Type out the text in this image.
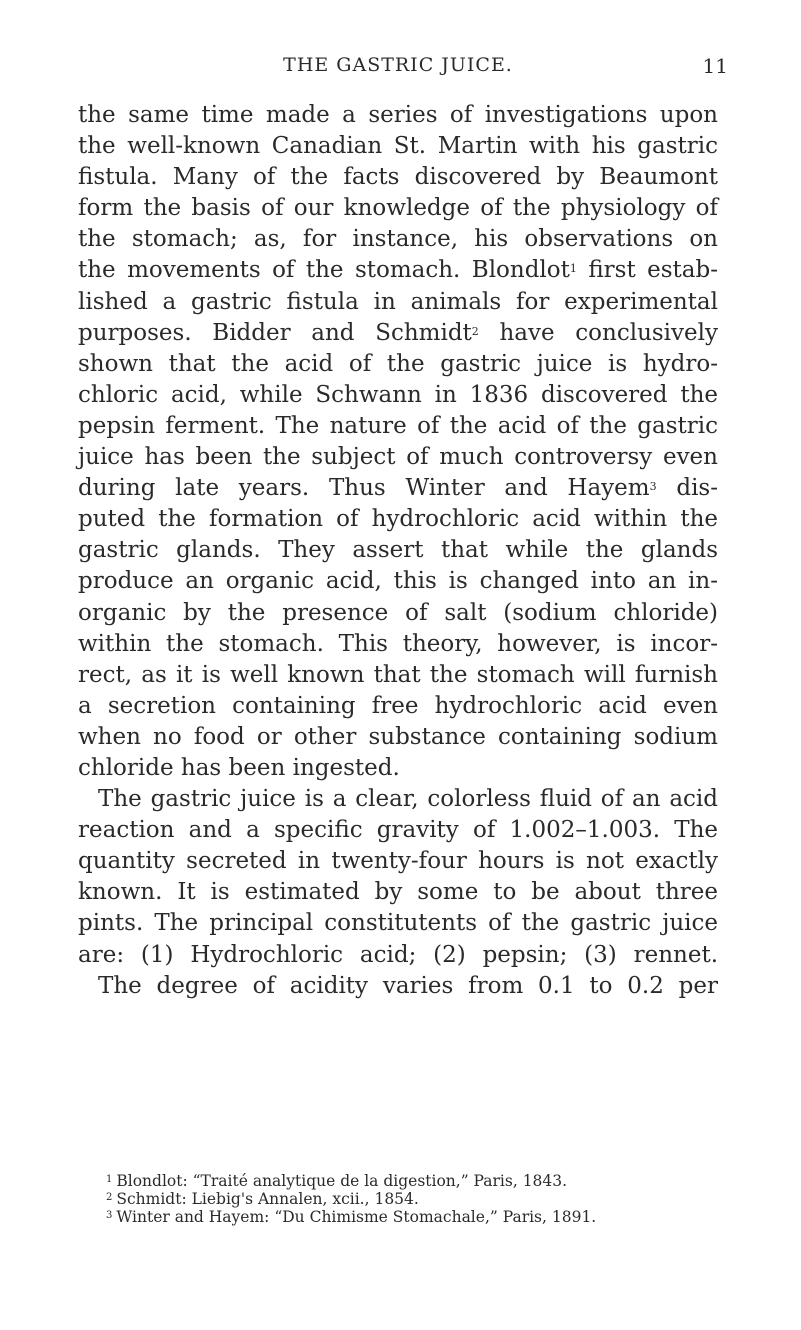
THE GASTRIC JUICE.	11
the same time made a series of investigations upon
the well-known Canadian St. Martin with his gastric
fistula. Many of the facts discovered by Beaumont
form the basis of our knowledge of the physiology of
the stomach; as, for instance, his observations on
the movements of the stomach. Blondlot$^1$ first estab-
lished a gastric fistula in animals for experimental
purposes. Bidder and Schmidt$^2$ have conclusively
shown that the acid of the gastric juice is hydro-
chloric acid, while Schwann in 1836 discovered the
pepsin ferment. The nature of the acid of the gastric
juice has been the subject of much controversy even
during late years. Thus Winter and Hayem$^3$ dis-
puted the formation of hydrochloric acid within the
gastric glands. They assert that while the glands
produce an organic acid, this is changed into an in-
organic by the presence of salt (sodium chloride)
within the stomach. This theory, however, is incor-
rect, as it is well known that the stomach will furnish
a secretion containing free hydrochloric acid even
when no food or other substance containing sodium
chloride has been ingested.
The gastric juice is a clear, colorless fluid of an acid
reaction and a specific gravity of 1.002–1.003. The
quantity secreted in twenty-four hours is not exactly
known. It is estimated by some to be about three
pints. The principal constitutents of the gastric juice
are: (1) Hydrochloric acid; (2) pepsin; (3) rennet.
The degree of acidity varies from 0.1 to 0.2 per
$^1$ Blondlot: “Traité analytique de la digestion,” Paris, 1843.
$^2$ Schmidt: Liebig's Annalen, xcii., 1854.
$^3$ Winter and Hayem: “Du Chimisme Stomachale,” Paris, 1891.
